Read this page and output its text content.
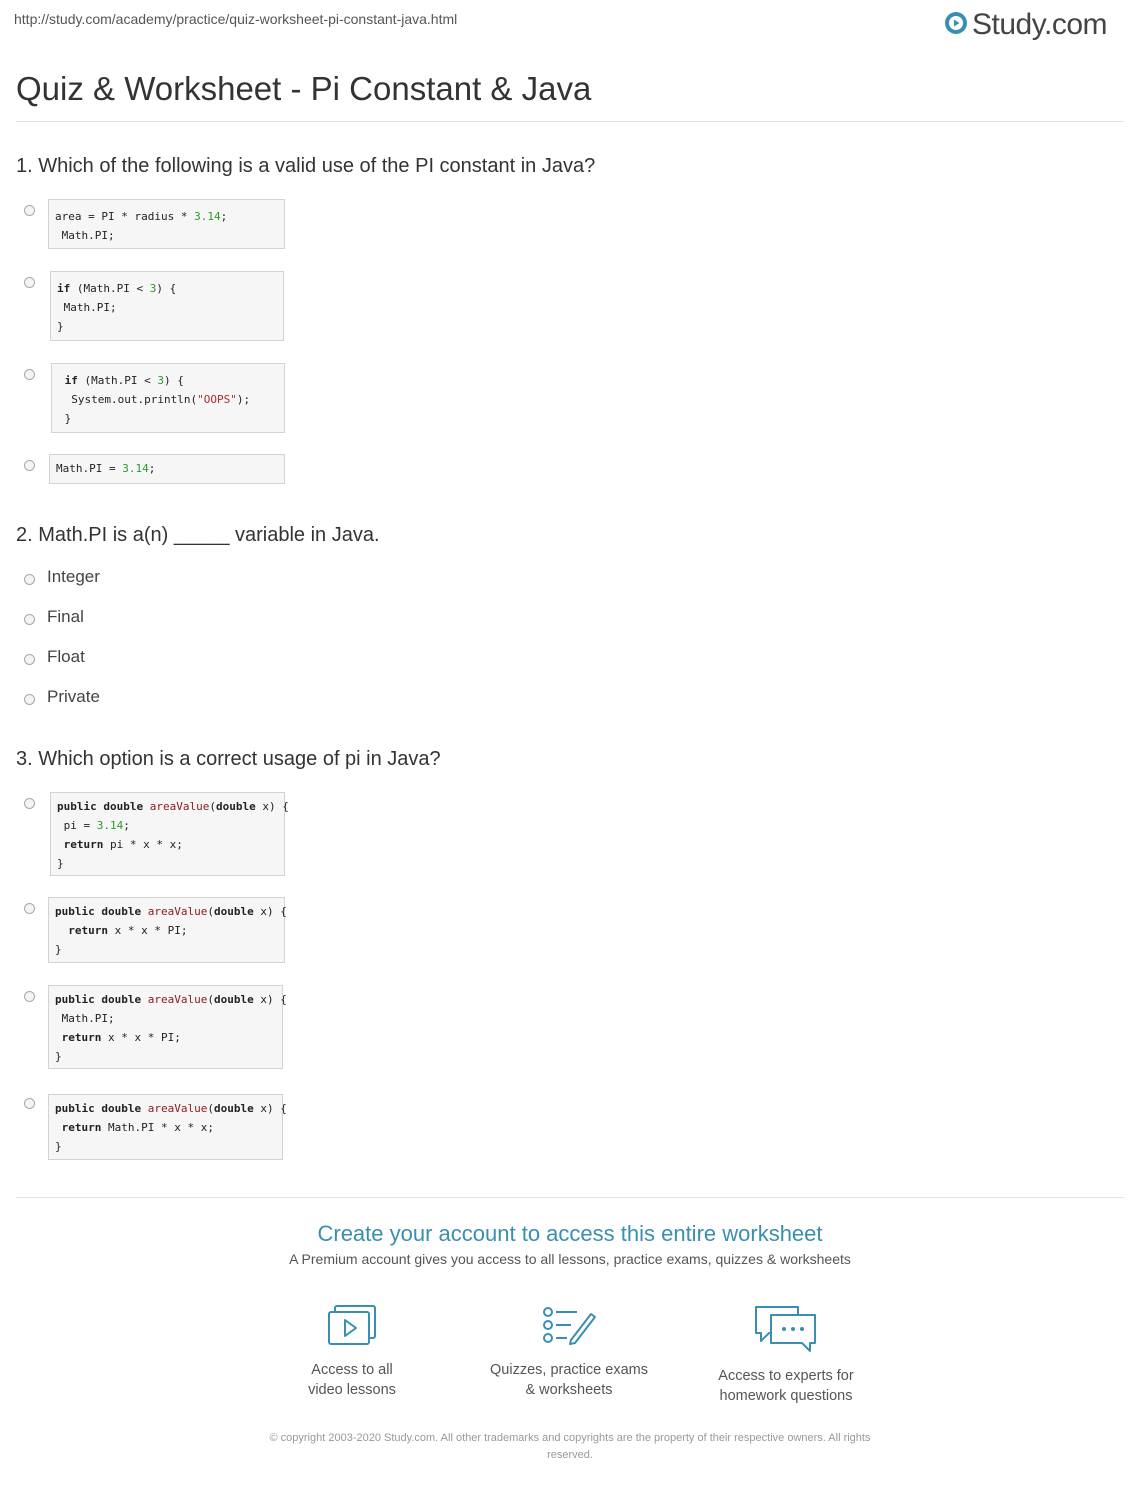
http://study.com/academy/practice/quiz-worksheet-pi-constant-java.html	Study.com
Quiz & Worksheet - Pi Constant & Java
1. Which of the following is a valid use of the PI constant in Java?
area = PI * radius * 3.14;
Math.PI;
if (Math.PI < 3) {
Math.PI;
}
if (Math.PI < 3) {
System.out.println("OOPS");
}
Math.PI = 3.14;
2. Math.PI is a(n) _____ variable in Java.
Integer
Final
Float
Private
3. Which option is a correct usage of pi in Java?
public double areaValue(double x) {
pi = 3.14;
return pi * x * x;
}
public double areaValue(double x) {
return x * x * PI;
}
public double areaValue(double x) {
Math.PI;
return x * x * PI;
}
public double areaValue(double x) {
return Math.PI * x * x;
}
Create your account to access this entire worksheet
A Premium account gives you access to all lessons, practice exams, quizzes & worksheets
Access to all
video lessons
Quizzes, practice exams
& worksheets
Access to experts for
homework questions
© copyright 2003-2020 Study.com. All other trademarks and copyrights are the property of their respective owners. All rights
reserved.
